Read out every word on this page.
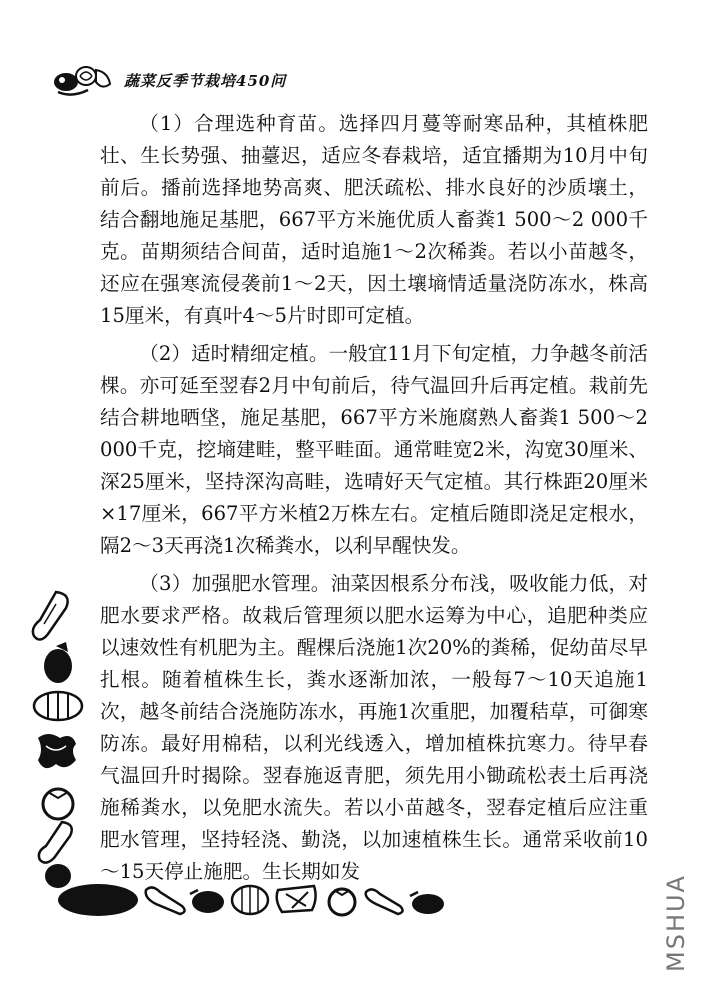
蔬菜反季节栽培450问

（1）合理选种育苗。选择四月蔓等耐寒品种，其植株肥壮、生长势强、抽薹迟，适应冬春栽培，适宜播期为10月中旬前后。播前选择地势高爽、肥沃疏松、排水良好的沙质壤土，结合翻地施足基肥，667平方米施优质人畜粪1 500～2 000千克。苗期须结合间苗，适时追施1～2次稀粪。若以小苗越冬，还应在强寒流侵袭前1～2天，因土壤墒情适量浇防冻水，株高15厘米，有真叶4～5片时即可定植。

（2）适时精细定植。一般宜11月下旬定植，力争越冬前活棵。亦可延至翌春2月中旬前后，待气温回升后再定植。栽前先结合耕地晒垡，施足基肥，667平方米施腐熟人畜粪1 500～2 000千克，挖墒建畦，整平畦面。通常畦宽2米，沟宽30厘米、深25厘米，坚持深沟高畦，选晴好天气定植。其行株距20厘米×17厘米，667平方米植2万株左右。定植后随即浇足定根水，隔2～3天再浇1次稀粪水，以利早醒快发。

（3）加强肥水管理。油菜因根系分布浅，吸收能力低，对肥水要求严格。故栽后管理须以肥水运筹为中心，追肥种类应以速效性有机肥为主。醒棵后浇施1次20%的粪稀，促幼苗尽早扎根。随着植株生长，粪水逐渐加浓，一般每7～10天追施1次，越冬前结合浇施防冻水，再施1次重肥，加覆秸草，可御寒防冻。最好用棉秸，以利光线透入，增加植株抗寒力。待早春气温回升时揭除。翌春施返青肥，须先用小锄疏松表土后再浇施稀粪水，以免肥水流失。若以小苗越冬，翌春定植后应注重肥水管理，坚持轻浇、勤浇，以加速植株生长。通常采收前10～15天停止施肥。生长期如发

MSHUA
